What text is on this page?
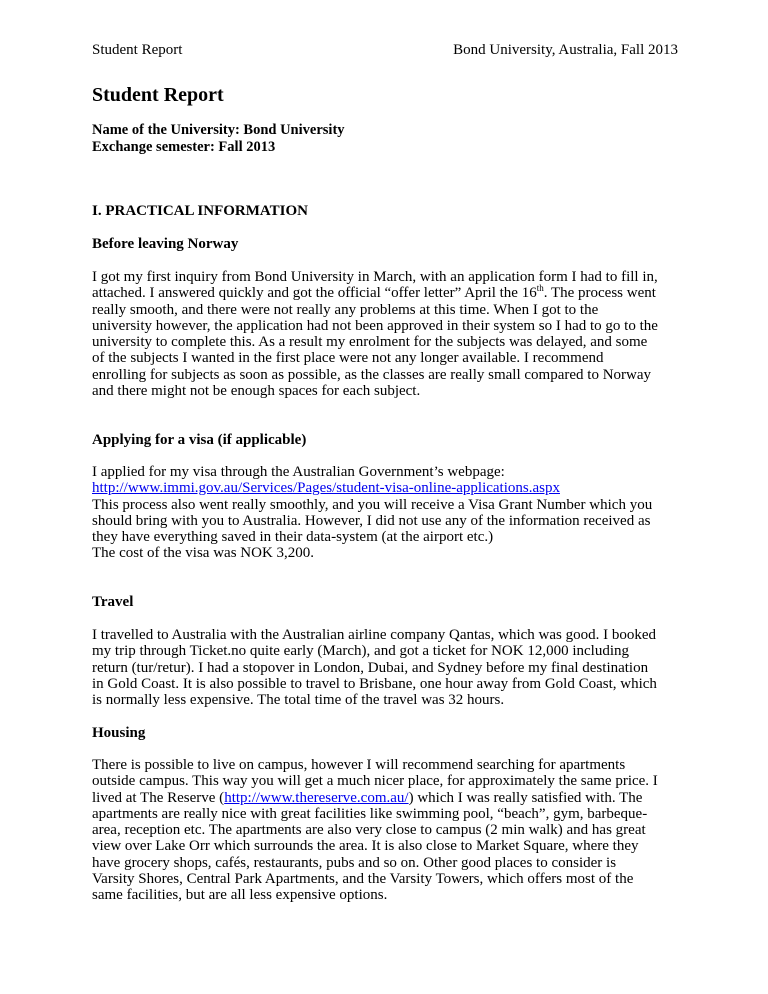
Student Report	Bond University, Australia, Fall 2013
Student Report
Name of the University: Bond University
Exchange semester: Fall 2013
I. PRACTICAL INFORMATION
Before leaving Norway
I got my first inquiry from Bond University in March, with an application form I had to fill in,
attached. I answered quickly and got the official “offer letter” April the 16th. The process went
really smooth, and there were not really any problems at this time. When I got to the
university however, the application had not been approved in their system so I had to go to the
university to complete this. As a result my enrolment for the subjects was delayed, and some
of the subjects I wanted in the first place were not any longer available. I recommend
enrolling for subjects as soon as possible, as the classes are really small compared to Norway
and there might not be enough spaces for each subject.
Applying for a visa (if applicable)
I applied for my visa through the Australian Government’s webpage:
http://www.immi.gov.au/Services/Pages/student-visa-online-applications.aspx
This process also went really smoothly, and you will receive a Visa Grant Number which you
should bring with you to Australia. However, I did not use any of the information received as
they have everything saved in their data-system (at the airport etc.)
The cost of the visa was NOK 3,200.
Travel
I travelled to Australia with the Australian airline company Qantas, which was good. I booked
my trip through Ticket.no quite early (March), and got a ticket for NOK 12,000 including
return (tur/retur). I had a stopover in London, Dubai, and Sydney before my final destination
in Gold Coast. It is also possible to travel to Brisbane, one hour away from Gold Coast, which
is normally less expensive. The total time of the travel was 32 hours.
Housing
There is possible to live on campus, however I will recommend searching for apartments
outside campus. This way you will get a much nicer place, for approximately the same price. I
lived at The Reserve (http://www.thereserve.com.au/) which I was really satisfied with. The
apartments are really nice with great facilities like swimming pool, “beach”, gym, barbeque-
area, reception etc. The apartments are also very close to campus (2 min walk) and has great
view over Lake Orr which surrounds the area. It is also close to Market Square, where they
have grocery shops, cafés, restaurants, pubs and so on. Other good places to consider is
Varsity Shores, Central Park Apartments, and the Varsity Towers, which offers most of the
same facilities, but are all less expensive options.
